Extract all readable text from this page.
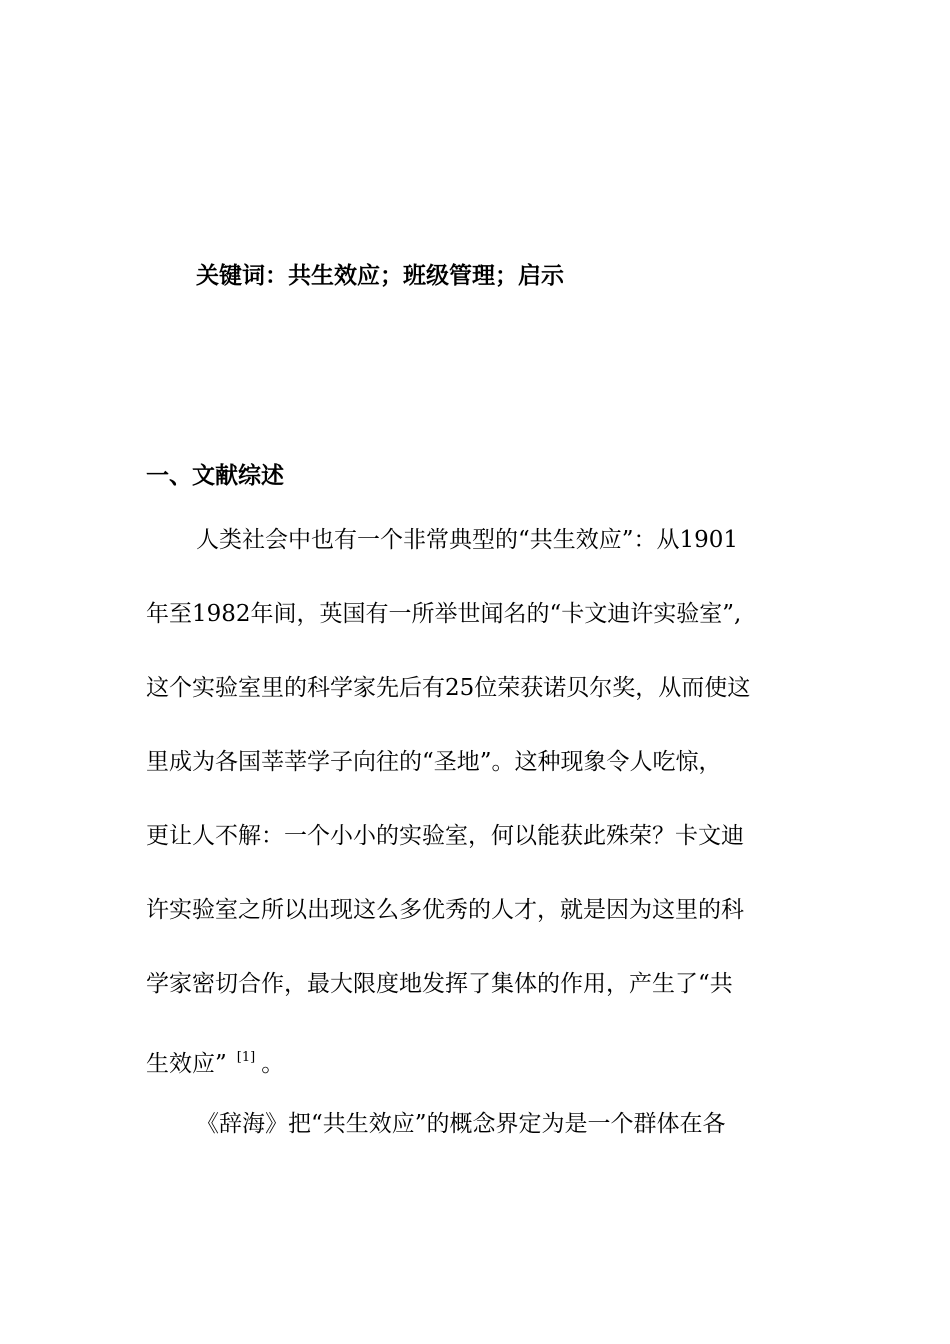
关键词：共生效应；班级管理；启示
一、文献综述
人类社会中也有一个非常典型的“共生效应”：从1901
年至1982年间，英国有一所举世闻名的“卡文迪许实验室”,
这个实验室里的科学家先后有25位荣获诺贝尔奖，从而使这
里成为各国莘莘学子向往的“圣地”。这种现象令人吃惊，
更让人不解：一个小小的实验室，何以能获此殊荣？卡文迪
许实验室之所以出现这么多优秀的人才，就是因为这里的科
学家密切合作，最大限度地发挥了集体的作用，产生了“共
生效应” [1] 。
《辞海》把“共生效应”的概念界定为是一个群体在各
